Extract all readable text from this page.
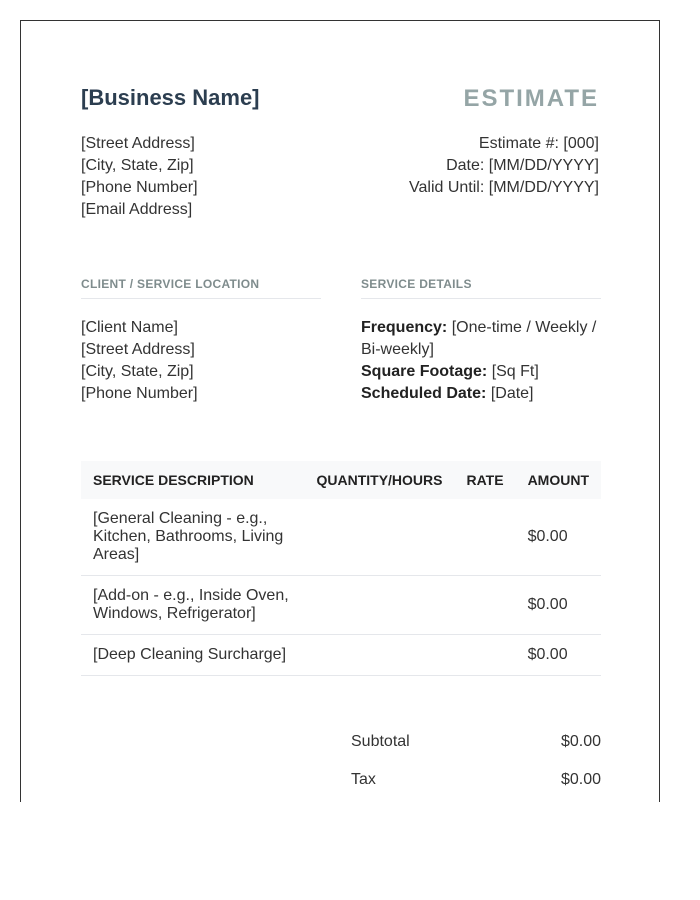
[Business Name]	ESTIMATE
[Street Address]
[City, State, Zip]
[Phone Number]
[Email Address]
Estimate #: [000]
Date: [MM/DD/YYYY]
Valid Until: [MM/DD/YYYY]
CLIENT / SERVICE LOCATION	SERVICE DETAILS
[Client Name]
[Street Address]
[City, State, Zip]
[Phone Number]
Frequency: [One-time / Weekly / Bi-weekly]
Square Footage: [Sq Ft]
Scheduled Date: [Date]
SERVICE DESCRIPTION	QUANTITY/HOURS	RATE	AMOUNT
[General Cleaning - e.g., Kitchen, Bathrooms, Living Areas]			$0.00
[Add-on - e.g., Inside Oven, Windows, Refrigerator]			$0.00
[Deep Cleaning Surcharge]			$0.00
Subtotal	$0.00
Tax	$0.00
